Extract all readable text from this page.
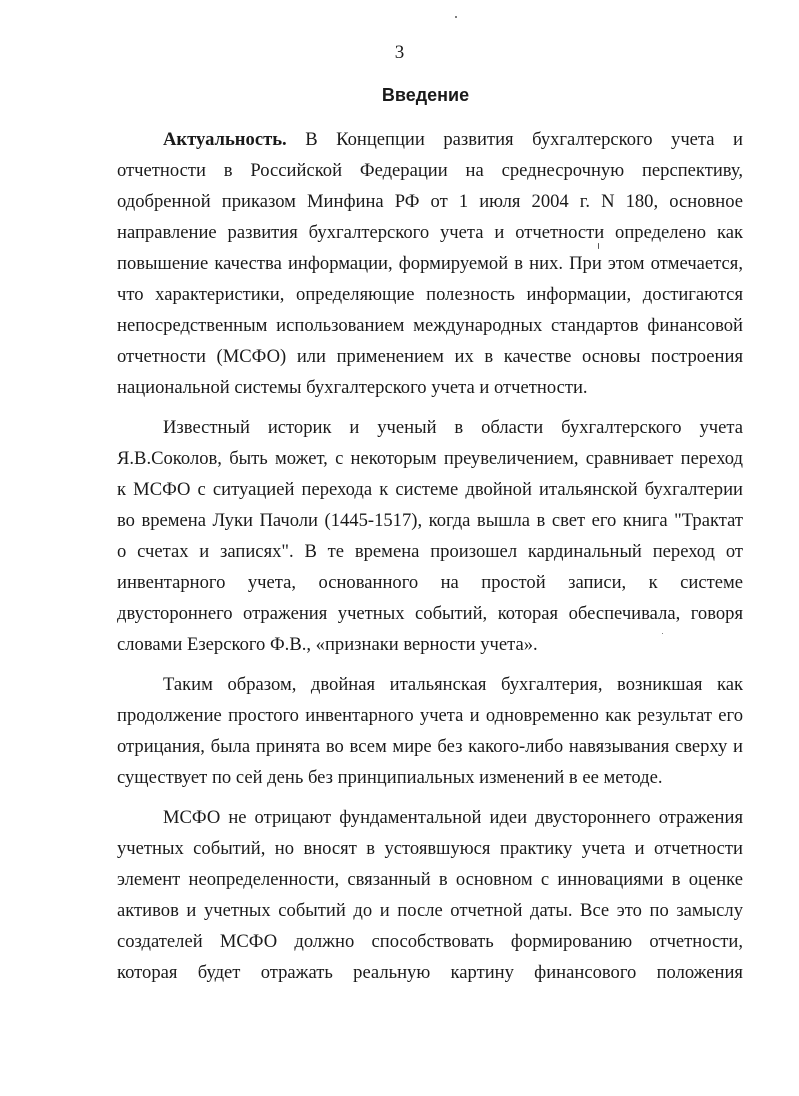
3
Введение

Актуальность. В Концепции развития бухгалтерского учета и
отчетности в Российской Федерации на среднесрочную перспективу,
одобренной приказом Минфина РФ от 1 июля 2004 г. N 180, основное
направление развития бухгалтерского учета и отчетности определено как
повышение качества информации, формируемой в них. При этом отмечается,
что характеристики, определяющие полезность информации, достигаются
непосредственным использованием международных стандартов финансовой
отчетности (МСФО) или применением их в качестве основы построения
национальной системы бухгалтерского учета и отчетности.

Известный историк и ученый в области бухгалтерского учета
Я.В.Соколов, быть может, с некоторым преувеличением, сравнивает переход
к МСФО с ситуацией перехода к системе двойной итальянской бухгалтерии
во времена Луки Пачоли (1445-1517), когда вышла в свет его книга "Трактат
о счетах и записях". В те времена произошел кардинальный переход от
инвентарного учета, основанного на простой записи, к системе
двустороннего отражения учетных событий, которая обеспечивала, говоря
словами Езерского Ф.В., «признаки верности учета».

Таким образом, двойная итальянская бухгалтерия, возникшая как
продолжение простого инвентарного учета и одновременно как результат его
отрицания, была принята во всем мире без какого-либо навязывания сверху и
существует по сей день без принципиальных изменений в ее методе.

МСФО не отрицают фундаментальной идеи двустороннего отражения
учетных событий, но вносят в устоявшуюся практику учета и отчетности
элемент неопределенности, связанный в основном с инновациями в оценке
активов и учетных событий до и после отчетной даты. Все это по замыслу
создателей МСФО должно способствовать формированию отчетности,
которая будет отражать реальную картину финансового положения
